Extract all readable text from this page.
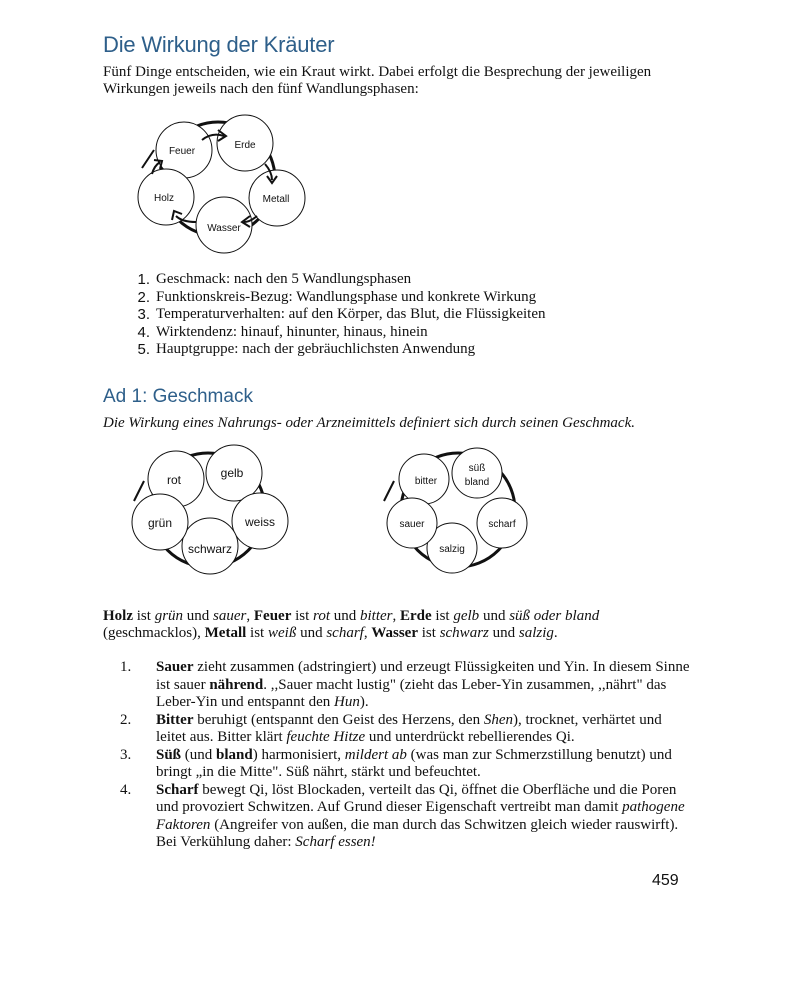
Die Wirkung der Kräuter

Fünf Dinge entscheiden, wie ein Kraut wirkt. Dabei erfolgt die Besprechung der jeweiligen Wirkungen jeweils nach den fünf Wandlungsphasen:

Feuer
Erde
Metall
Wasser
Holz
1. Geschmack: nach den 5 Wandlungsphasen
2. Funktionskreis-Bezug: Wandlungsphase und konkrete Wirkung
3. Temperaturverhalten: auf den Körper, das Blut, die Flüssigkeiten
4. Wirktendenz: hinauf, hinunter, hinaus, hinein
5. Hauptgruppe: nach der gebräuchlichsten Anwendung
Ad 1: Geschmack

Die Wirkung eines Nahrungs- oder Arzneimittels definiert sich durch seinen Geschmack.

rot	gelb
weiss
schwarz
grün
bitter
süß
bland
scharf
salzig
sauer

Holz ist grün und sauer, Feuer ist rot und bitter, Erde ist gelb und süß oder bland (geschmacklos), Metall ist weiß und scharf, Wasser ist schwarz und salzig.

1.	Sauer zieht zusammen (adstringiert) und erzeugt Flüssigkeiten und Yin. In diesem Sinne ist sauer nährend. ,,Sauer macht lustig" (zieht das Leber-Yin zusammen, ,,nährt" das Leber-Yin und entspannt den Hun).
2.	Bitter beruhigt (entspannt den Geist des Herzens, den Shen), trocknet, verhärtet und leitet aus. Bitter klärt feuchte Hitze und unterdrückt rebellierendes Qi.
3.	Süß (und bland) harmonisiert, mildert ab (was man zur Schmerzstillung benutzt) und bringt „in die Mitte". Süß nährt, stärkt und befeuchtet.
4.	Scharf bewegt Qi, löst Blockaden, verteilt das Qi, öffnet die Oberfläche und die Poren und provoziert Schwitzen. Auf Grund dieser Eigenschaft vertreibt man damit pathogene Faktoren (Angreifer von außen, die man durch das Schwitzen gleich wieder rauswirft). Bei Verkühlung daher: Scharf essen!
459
